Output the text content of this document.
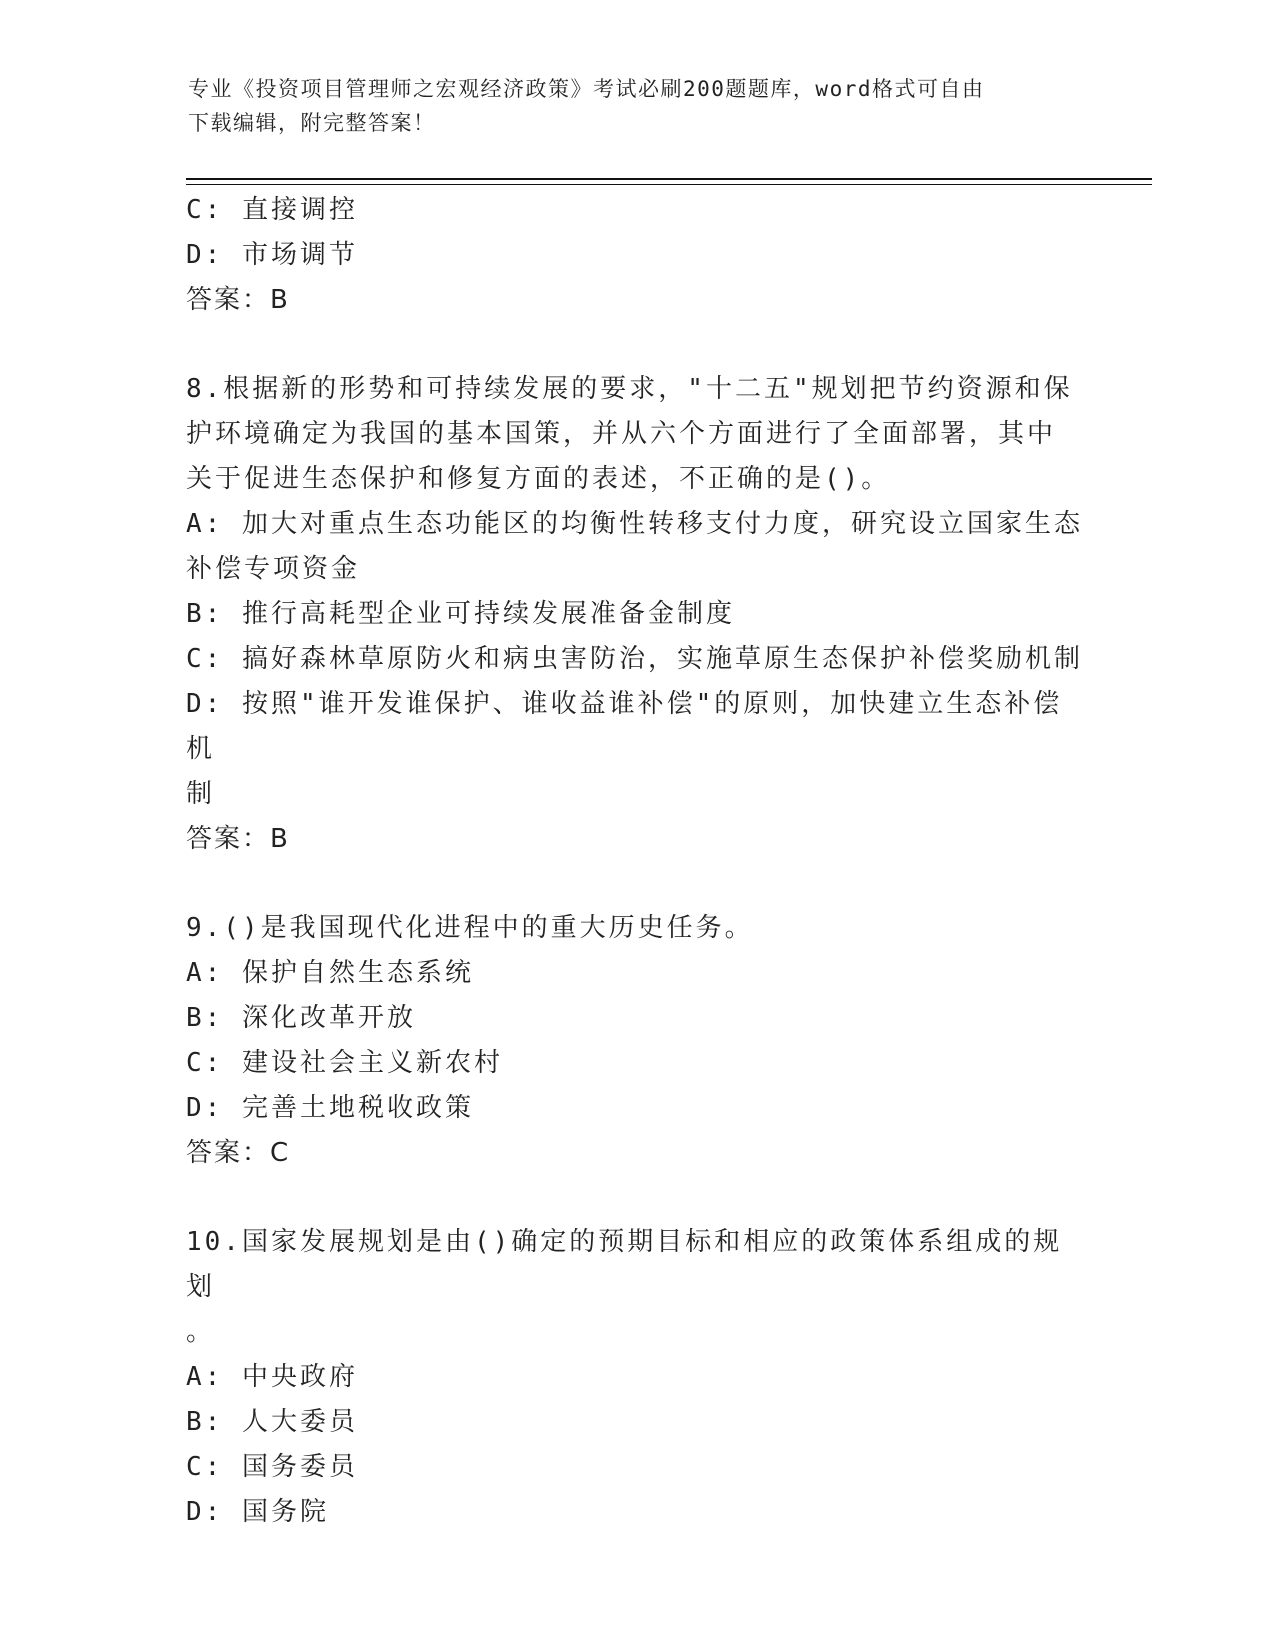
专业《投资项目管理师之宏观经济政策》考试必刷200题题库，word格式可自由
下载编辑，附完整答案！

C: 直接调控

D: 市场调节

答案：B

8.根据新的形势和可持续发展的要求，"十二五"规划把节约资源和保

护环境确定为我国的基本国策，并从六个方面进行了全面部署，其中

关于促进生态保护和修复方面的表述，不正确的是()。

A: 加大对重点生态功能区的均衡性转移支付力度，研究设立国家生态

补偿专项资金

B: 推行高耗型企业可持续发展准备金制度

C: 搞好森林草原防火和病虫害防治，实施草原生态保护补偿奖励机制

D: 按照"谁开发谁保护、谁收益谁补偿"的原则，加快建立生态补偿机

制

答案：B

9.()是我国现代化进程中的重大历史任务。

A: 保护自然生态系统

B: 深化改革开放

C: 建设社会主义新农村

D: 完善土地税收政策

答案：C

10.国家发展规划是由()确定的预期目标和相应的政策体系组成的规划

。

A: 中央政府

B: 人大委员

C: 国务委员

D: 国务院
